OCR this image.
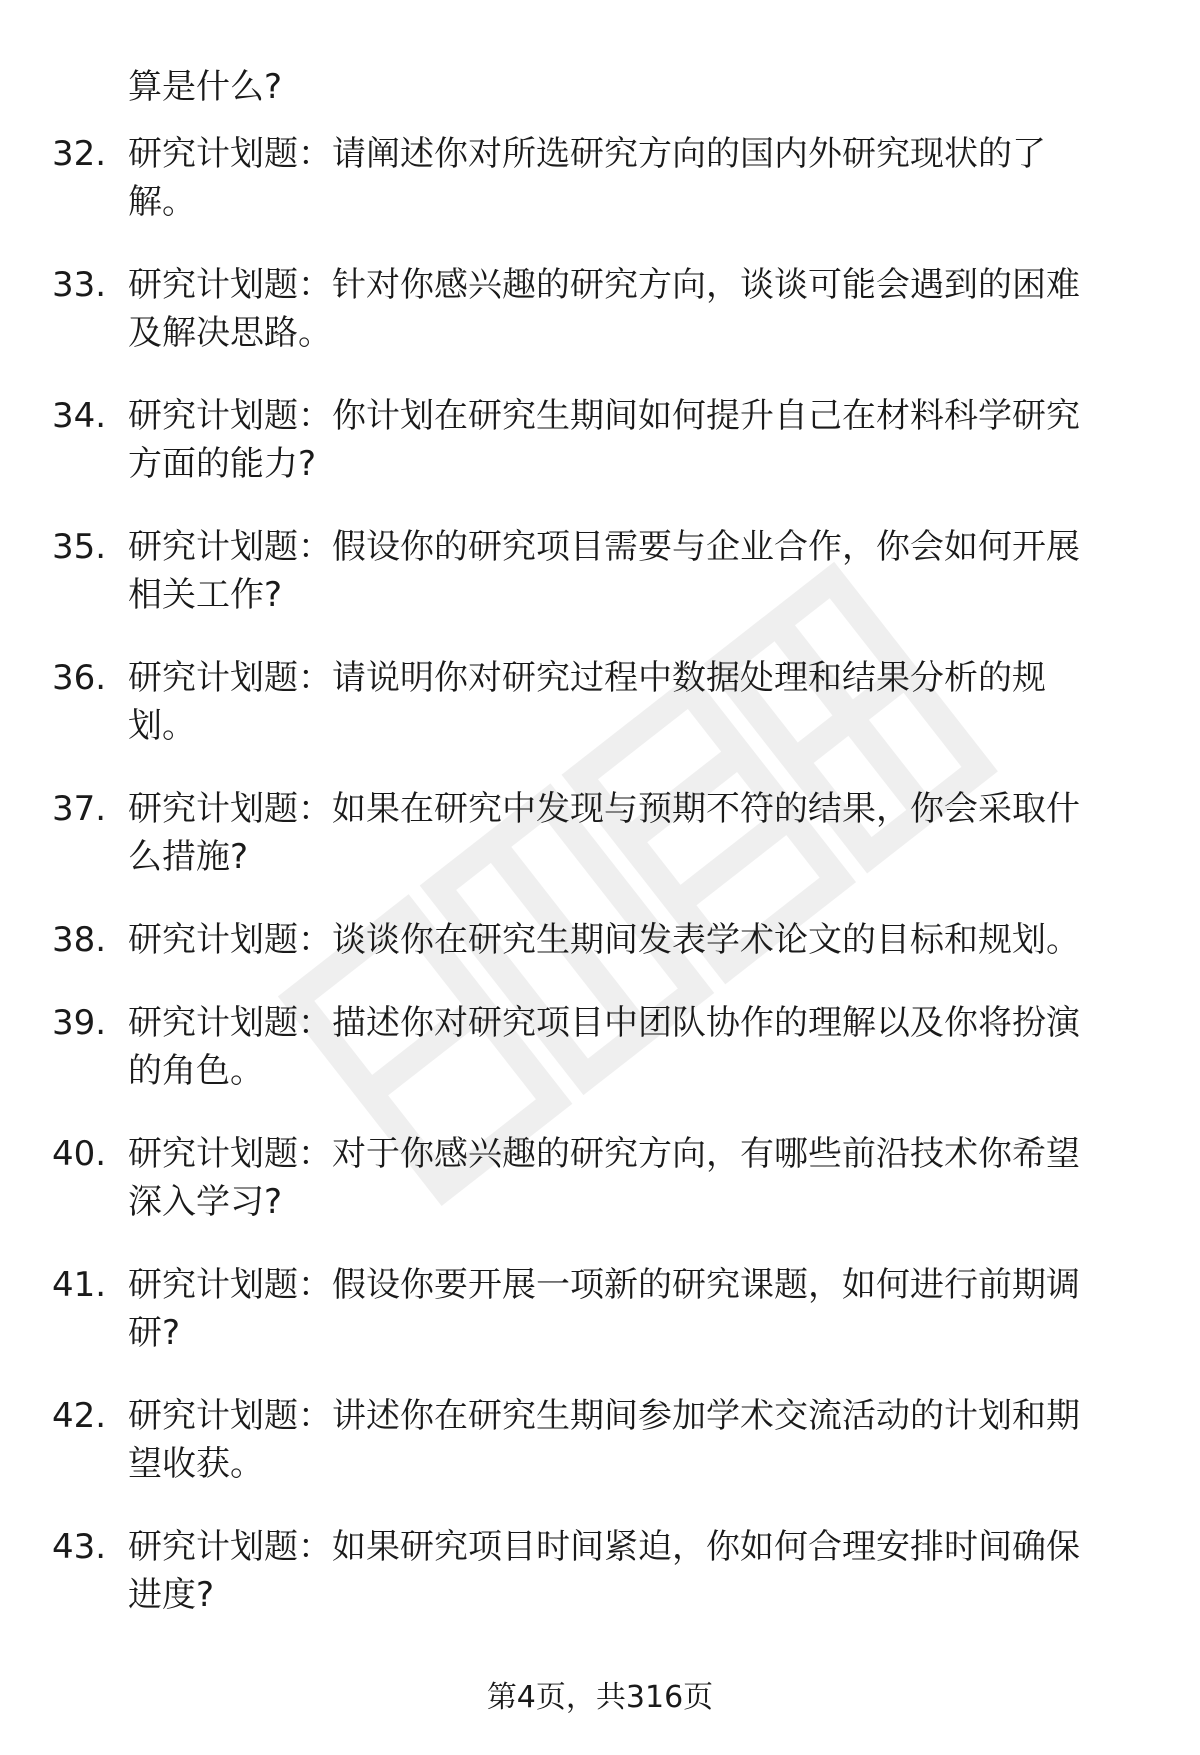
算是什么?
32. 研究计划题：请阐述你对所选研究方向的国内外研究现状的了
解。
33. 研究计划题：针对你感兴趣的研究方向，谈谈可能会遇到的困难
及解决思路。
34. 研究计划题：你计划在研究生期间如何提升自己在材料科学研究
方面的能力?
35. 研究计划题：假设你的研究项目需要与企业合作，你会如何开展
相关工作?
36. 研究计划题：请说明你对研究过程中数据处理和结果分析的规
划。
37. 研究计划题：如果在研究中发现与预期不符的结果，你会采取什
么措施?
38. 研究计划题：谈谈你在研究生期间发表学术论文的目标和规划。
39. 研究计划题：描述你对研究项目中团队协作的理解以及你将扮演
的角色。
40. 研究计划题：对于你感兴趣的研究方向，有哪些前沿技术你希望
深入学习?
41. 研究计划题：假设你要开展一项新的研究课题，如何进行前期调
研?
42. 研究计划题：讲述你在研究生期间参加学术交流活动的计划和期
望收获。
43. 研究计划题：如果研究项目时间紧迫，你如何合理安排时间确保
进度?
第4页，共316页
